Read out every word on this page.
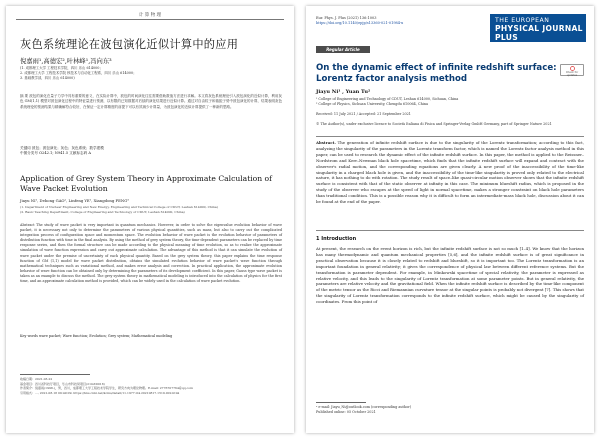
计 算 物 理
灰色系统理论在波包演化近似计算中的应用
倪嘉雨¹,高德宏²,叶林峰¹,冯向东³
(1. 成都理工大学 工程技术学院，四川 乐山 614000；
2. 成都理工大学 工程技术学院 核技术与自动化工程系，四川 乐山 614000；
3. 基础教学部，四川 乐山 614000)
摘 要 波包的演化在量子力学中具有重要的意义，在实际计算中，波包的时间演化往往需要借助数值方法进行求解。本文将灰色系统理论引入波包演化的近似计算，利用灰色 GM(1,1) 模型对波包演化过程中的特征量进行预测，以有限的已知数据对后续的演化结果进行近似计算。通过对自由粒子和谐振子势中波包演化的计算，结果表明灰色系统理论的预测结果与精确解符合较好，在保证一定计算精度的前提下可以有效减少计算量，为波包演化的近似计算提供了一种新的思路。
关键词 波包；波包演化；灰色；灰色系统；数学建模
中图分类号 O242.1; N941.5 文献标志码 A
Application of Grey System Theory in Approximate Calculation of Wave Packet Evolution
Jiayu NI¹, Dehong GAO², Linfeng YE¹, Xiangdong FENG³
(1. Department of Nuclear Engineering and New Energy, Engineering and Technical College of CDUT, Leshan 614000, China)
(2. Basic Teaching Department, College of Engineering and Technology of CDUT, Leshan 614000, China)
Abstract The study of wave packet is very important in quantum mechanics. However, in order to solve the eigenvalue evolution behavior of wave packet, it is necessary not only to determine the parameters of various physical quantities, such as mass, but also to carry out the complicated integration process of configuration space and momentum space. The evolution behavior of wave packet is the evolution behavior of parameters of distribution function with time in the final analysis. By using the method of grey system theory, the time-dependent parameters can be replaced by time response series, and then the formal structure can be made according to the physical meaning of time evolution, so as to realize the approximate simulation of wave function expression and carry out approximate calculation. The advantage of this method is that it can simulate the evolution of wave packet under the premise of uncertainty of each physical quantity. Based on the grey system theory, this paper explains the time response function of GM (1,1) model for wave packet distribution, obtains the simulated evolution behavior of wave packet's wave function through mathematical techniques such as variational method, and makes error analysis and correction. In practical application, the approximate evolution behavior of wave function can be obtained only by determining the parameters of its development coefficient. In this paper, Gauss type wave packet is taken as an example to discuss the method. The grey system theory in mathematical modeling is introduced into the calculation of physics for the first time, and an approximate calculation method is provided, which can be widely used in the calculation of wave packet evolution.
Key words wave packet; Wave function; Evolution; Grey system; Mathematical modeling
收稿日期：2021-03-22
基金项目：四川省科技厅项目，乐山市科技局项目(21GZD018)
作者简介：倪嘉雨(1998-)，男，四川，成都理工大学工程技术学院学生，研究方向为理论物理。E-mail: 2776707764@qq.com
引用格式：..., 2021-08-18 09:49:09. https://kns.cnki.net/kcms/detail/11.1977.O4.20210817.1519.002.html
Eur. Phys. J. Plus (2021) 136:1003
https://doi.org/10.1140/epjp/s13360-021-01984-x	THE EUROPEAN
PHYSICAL JOURNAL PLUS
Regular Article
Check for updates
On the dynamic effect of infinite redshift surface: Lorentz factor analysis method
Jiayu Ni¹ , Yuan Tu²
¹ College of Engineering and Technology of CDUT, Leshan 614000, Sichuan, China
² College of Physics, Sichuan University, Chengdu 610064, China
Received: 11 July 2021 / Accepted: 21 September 2021
© The Author(s), under exclusive licence to Società Italiana di Fisica and Springer-Verlag GmbH Germany, part of Springer Nature 2021
Abstract. The generation of infinite redshift surface is due to the singularity of the Lorentz transformation; according to this fact, analyzing the singularity of the parameters in the Lorentz transform factor, which is named the Lorentz factor analysis method in this paper, can be used to research the dynamic effect of the infinite redshift surface. In this paper, the method is applied to the Reissner–Nordstrom and Kerr–Newman black hole spacetime, which finds that the infinite redshift surface will expand and contract with the observer's radial motion, and the corresponding equations are given clearly. A new proof of the inaccessibility of the time-like singularity in a charged black hole is given, and the inaccessibility of the time-like singularity is proved only related to the electrical nature, it has nothing to do with rotation. The study result of space–like quasi-circular motion observer shows that the infinite redshift surface is consistent with that of the static observer at infinity in this case. The minimum blueshift radius, which is proposed in the study of the observer who escapes at the speed of light in normal spacetime, makes a stronger constraint on black hole parameters than traditional condition. This is a possible reason why it is difficult to form an intermediate-mass black hole, discussion about it can be found at the end of the paper.
1 Introduction
At present, the research on the event horizon is rich, but the infinite redshift surface is not so much [1–4]. We know that the horizon has many thermodynamic and quantum mechanical properties [5,6], and the infinite redshift surface is of great significance in practical observation because it is closely related to redshift and blueshift, so it is important too. The Lorentz transformation is an important foundation in general relativity; it gives the correspondence of physical law between different reference systems. But the transformation is parameter dependent. For example, in Minkowski spacetime of special relativity, the parameter is expressed as relative velocity, and this leads to the singularity of Lorentz transformation at some parameter points. But in general relativity, the parameters are relative velocity and the gravitational field. When the infinite redshift surface is described by the time-like component of the metric tensor as the Ricci and Riemannian curvature tensor at the singular points is probably not divergent [7]. This shows that the singularity of Lorentz transformation corresponds to the infinite redshift surface, which might be caused by the singularity of coordinates. From this point of
ᵃ e-mail: Jiayu_Ni@outlook.com (corresponding author)
Published online: 05 October 2021
